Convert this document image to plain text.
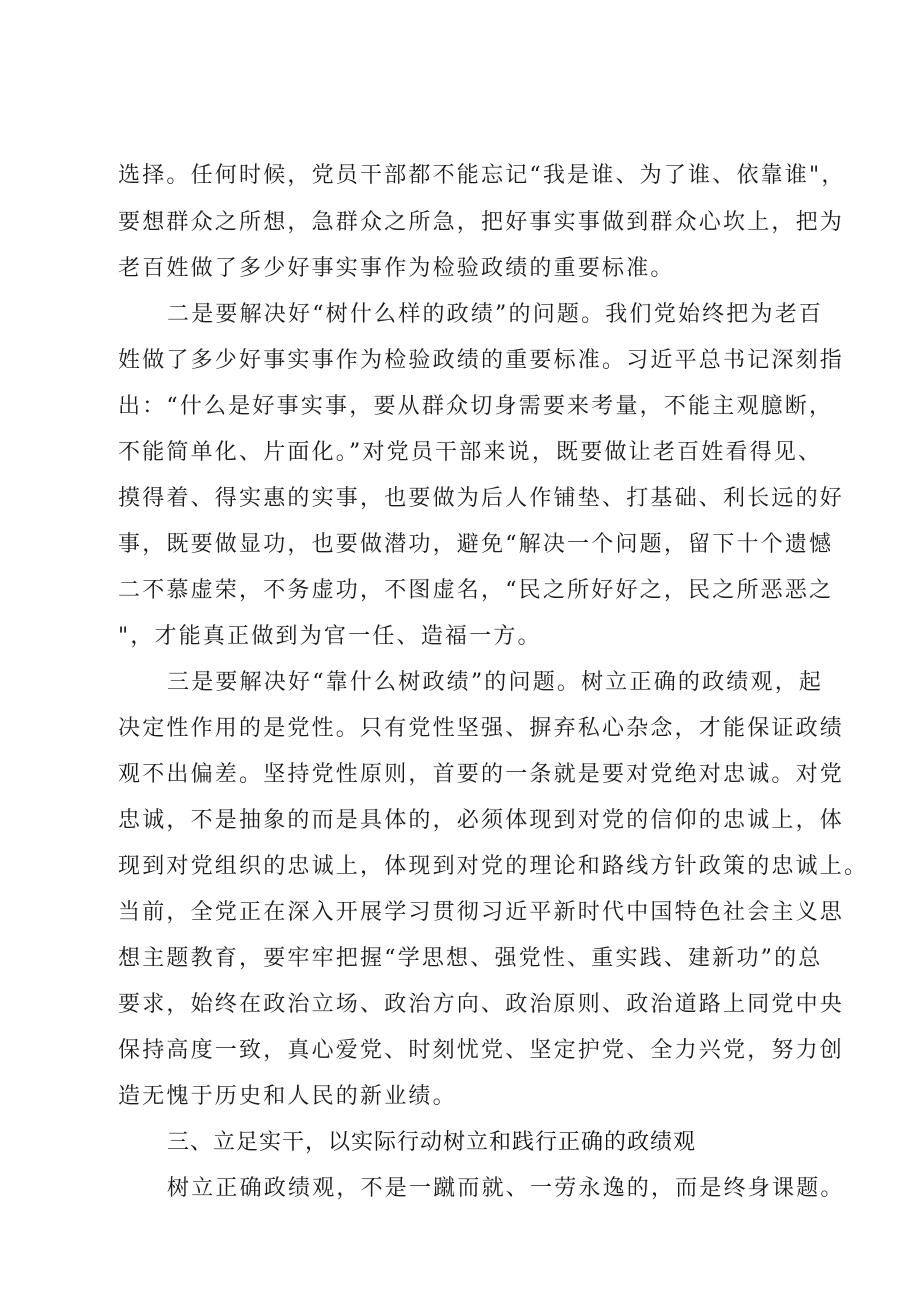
选择。任何时候，党员干部都不能忘记“我是谁、为了谁、依靠谁"，
要想群众之所想，急群众之所急，把好事实事做到群众心坎上，把为
老百姓做了多少好事实事作为检验政绩的重要标准。
二是要解决好“树什么样的政绩”的问题。我们党始终把为老百
姓做了多少好事实事作为检验政绩的重要标准。习近平总书记深刻指
出：“什么是好事实事，要从群众切身需要来考量，不能主观臆断，
不能简单化、片面化。”对党员干部来说，既要做让老百姓看得见、
摸得着、得实惠的实事，也要做为后人作铺垫、打基础、利长远的好
事，既要做显功，也要做潜功，避免“解决一个问题，留下十个遗憾
二不慕虚荣，不务虚功，不图虚名，“民之所好好之，民之所恶恶之
"，才能真正做到为官一任、造福一方。
三是要解决好“靠什么树政绩”的问题。树立正确的政绩观，起
决定性作用的是党性。只有党性坚强、摒弃私心杂念，才能保证政绩
观不出偏差。坚持党性原则，首要的一条就是要对党绝对忠诚。对党
忠诚，不是抽象的而是具体的，必须体现到对党的信仰的忠诚上，体
现到对党组织的忠诚上，体现到对党的理论和路线方针政策的忠诚上。
当前，全党正在深入开展学习贯彻习近平新时代中国特色社会主义思
想主题教育，要牢牢把握“学思想、强党性、重实践、建新功”的总
要求，始终在政治立场、政治方向、政治原则、政治道路上同党中央
保持高度一致，真心爱党、时刻忧党、坚定护党、全力兴党，努力创
造无愧于历史和人民的新业绩。
三、立足实干，以实际行动树立和践行正确的政绩观
树立正确政绩观，不是一蹴而就、一劳永逸的，而是终身课题。
